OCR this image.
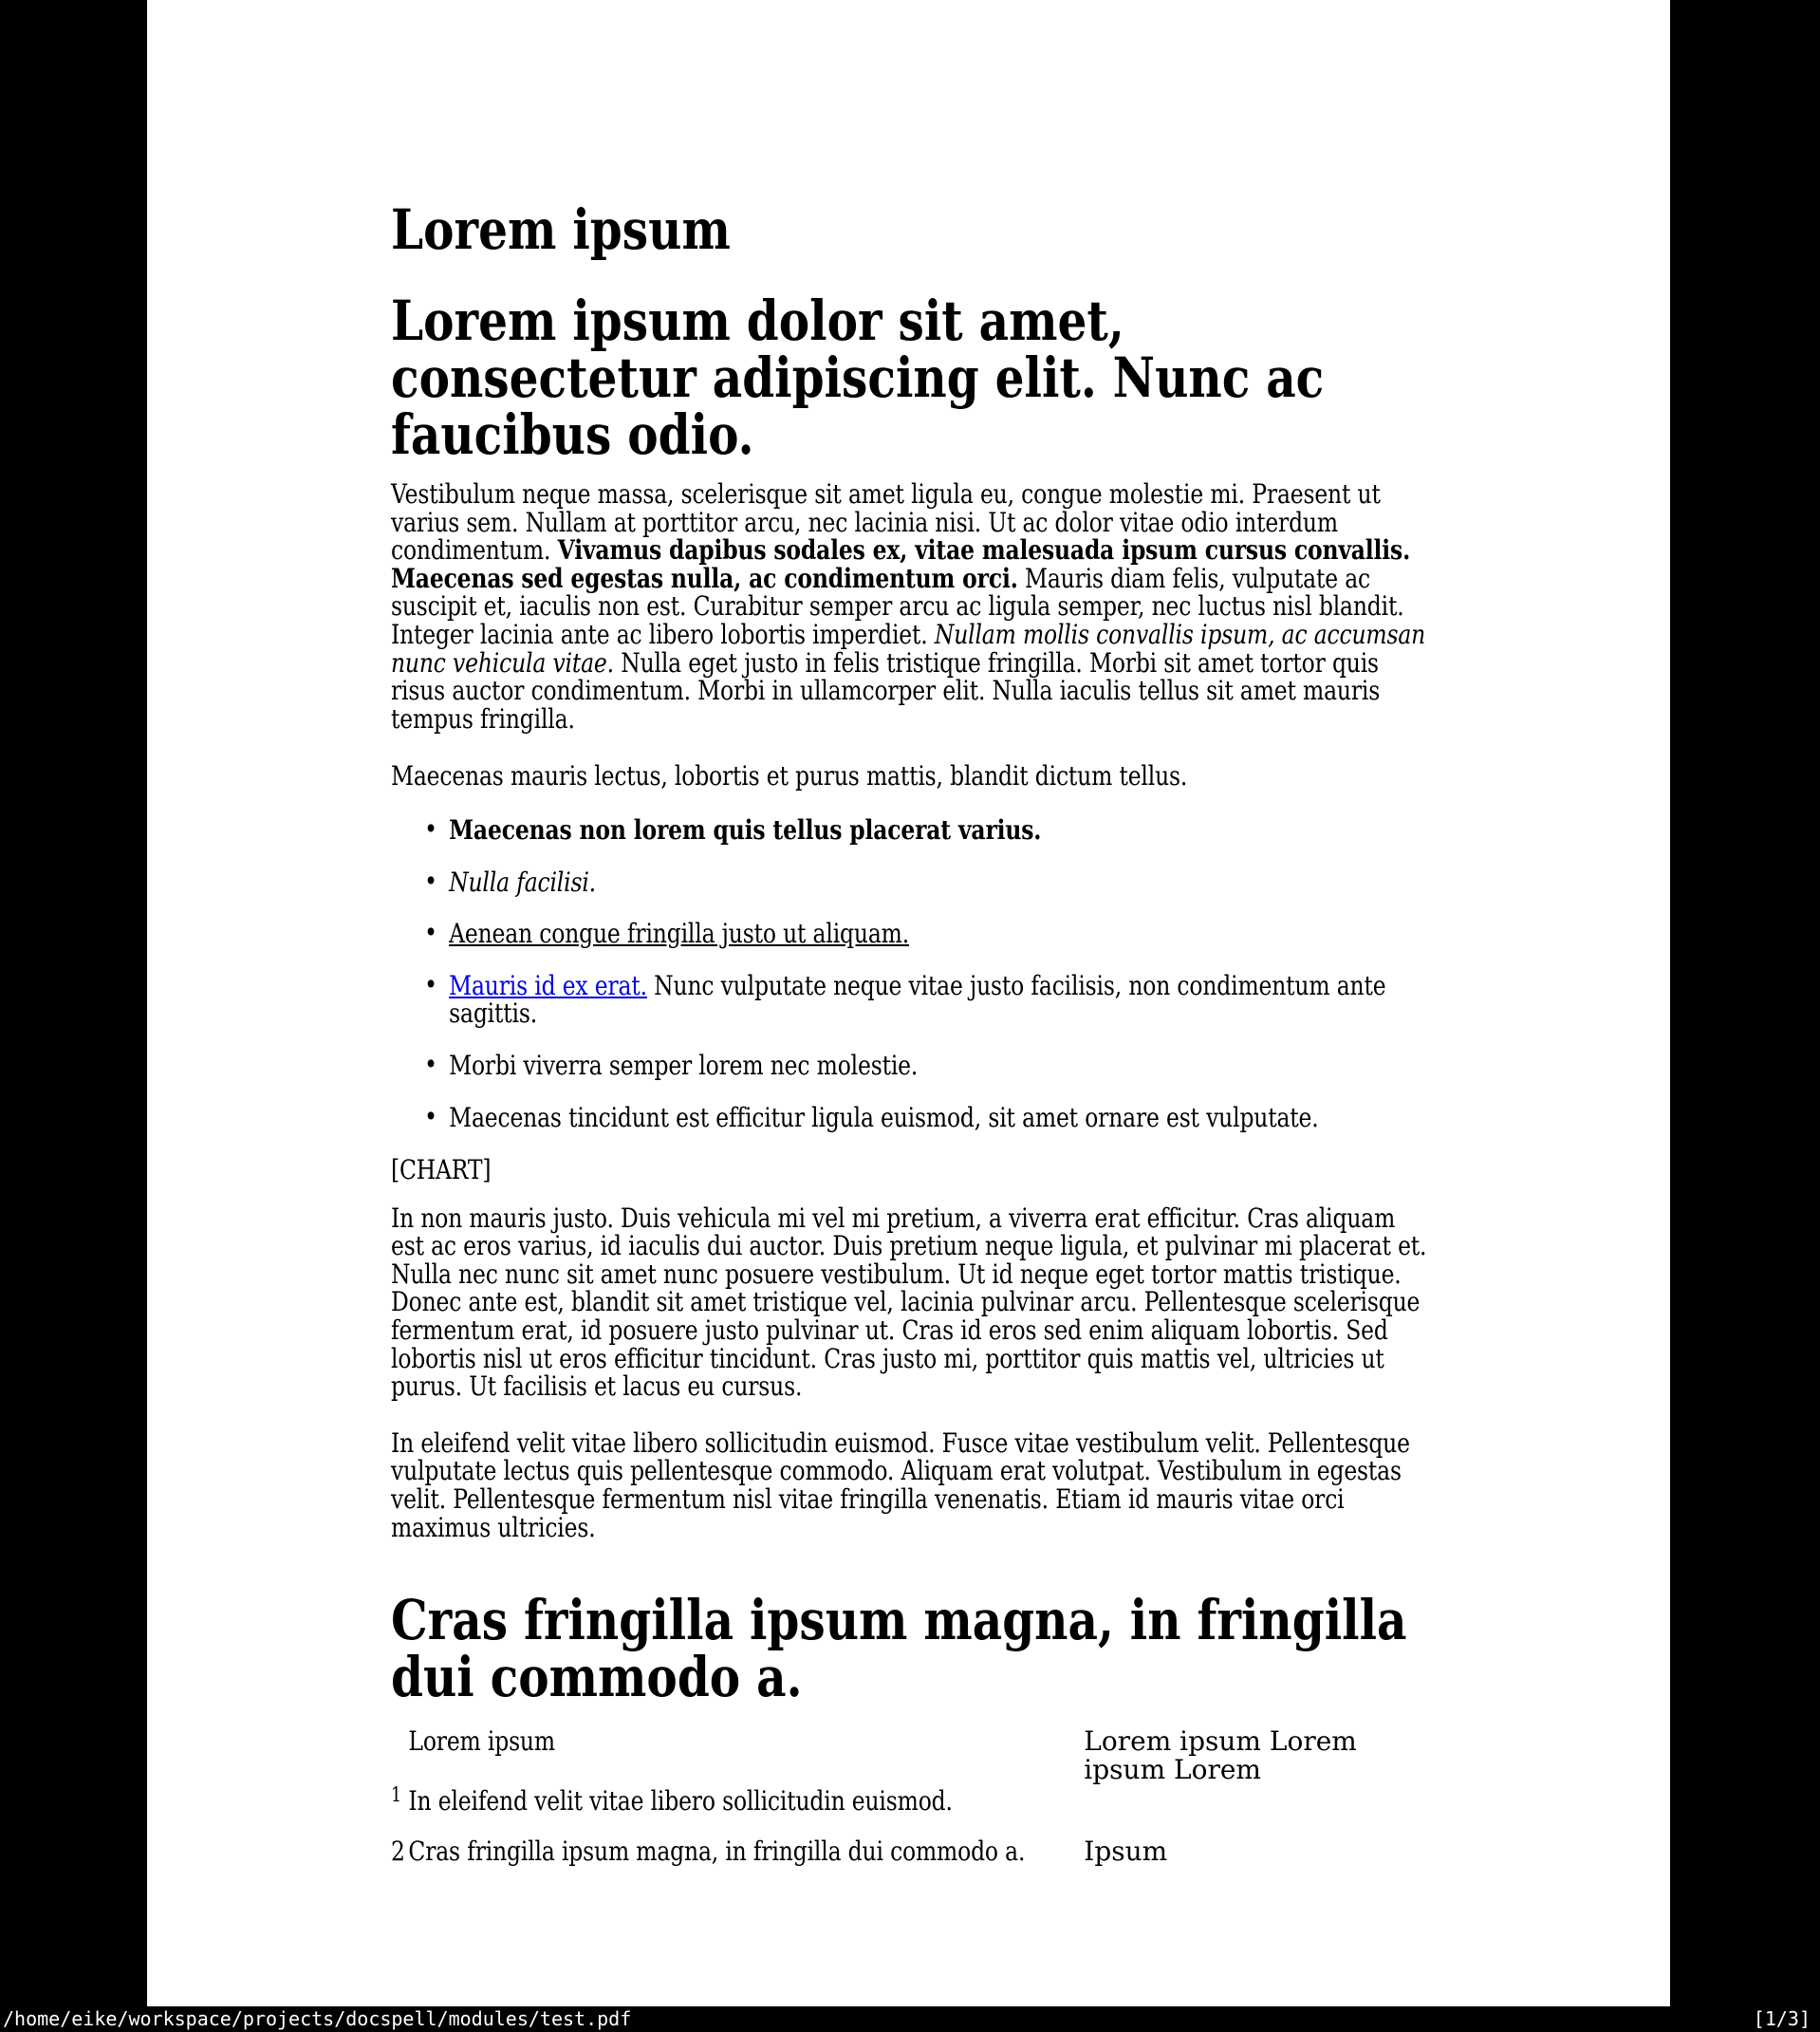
Lorem ipsum
Lorem ipsum dolor sit amet, consectetur adipiscing elit. Nunc ac faucibus odio.

Vestibulum neque massa, scelerisque sit amet ligula eu, congue molestie mi. Praesent ut varius sem. Nullam at porttitor arcu, nec lacinia nisi. Ut ac dolor vitae odio interdum condimentum. Vivamus dapibus sodales ex, vitae malesuada ipsum cursus convallis. Maecenas sed egestas nulla, ac condimentum orci. Mauris diam felis, vulputate ac suscipit et, iaculis non est. Curabitur semper arcu ac ligula semper, nec luctus nisl blandit. Integer lacinia ante ac libero lobortis imperdiet. Nullam mollis convallis ipsum, ac accumsan nunc vehicula vitae. Nulla eget justo in felis tristique fringilla. Morbi sit amet tortor quis risus auctor condimentum. Morbi in ullamcorper elit. Nulla iaculis tellus sit amet mauris tempus fringilla.

Maecenas mauris lectus, lobortis et purus mattis, blandit dictum tellus.

• Maecenas non lorem quis tellus placerat varius.
• Nulla facilisi.
• Aenean congue fringilla justo ut aliquam.
• Mauris id ex erat. Nunc vulputate neque vitae justo facilisis, non condimentum ante sagittis.
• Morbi viverra semper lorem nec molestie.
• Maecenas tincidunt est efficitur ligula euismod, sit amet ornare est vulputate.

[CHART]

In non mauris justo. Duis vehicula mi vel mi pretium, a viverra erat efficitur. Cras aliquam est ac eros varius, id iaculis dui auctor. Duis pretium neque ligula, et pulvinar mi placerat et. Nulla nec nunc sit amet nunc posuere vestibulum. Ut id neque eget tortor mattis tristique. Donec ante est, blandit sit amet tristique vel, lacinia pulvinar arcu. Pellentesque scelerisque fermentum erat, id posuere justo pulvinar ut. Cras id eros sed enim aliquam lobortis. Sed lobortis nisl ut eros efficitur tincidunt. Cras justo mi, porttitor quis mattis vel, ultricies ut purus. Ut facilisis et lacus eu cursus.

In eleifend velit vitae libero sollicitudin euismod. Fusce vitae vestibulum velit. Pellentesque vulputate lectus quis pellentesque commodo. Aliquam erat volutpat. Vestibulum in egestas velit. Pellentesque fermentum nisl vitae fringilla venenatis. Etiam id mauris vitae orci maximus ultricies.

Cras fringilla ipsum magna, in fringilla dui commodo a.
Lorem ipsum	Lorem ipsum Lorem ipsum Lorem
$^1$ In eleifend velit vitae libero sollicitudin euismod.
2 Cras fringilla ipsum magna, in fringilla dui commodo a.	Ipsum
/home/eike/workspace/projects/docspell/modules/test.pdf	[1/3]
